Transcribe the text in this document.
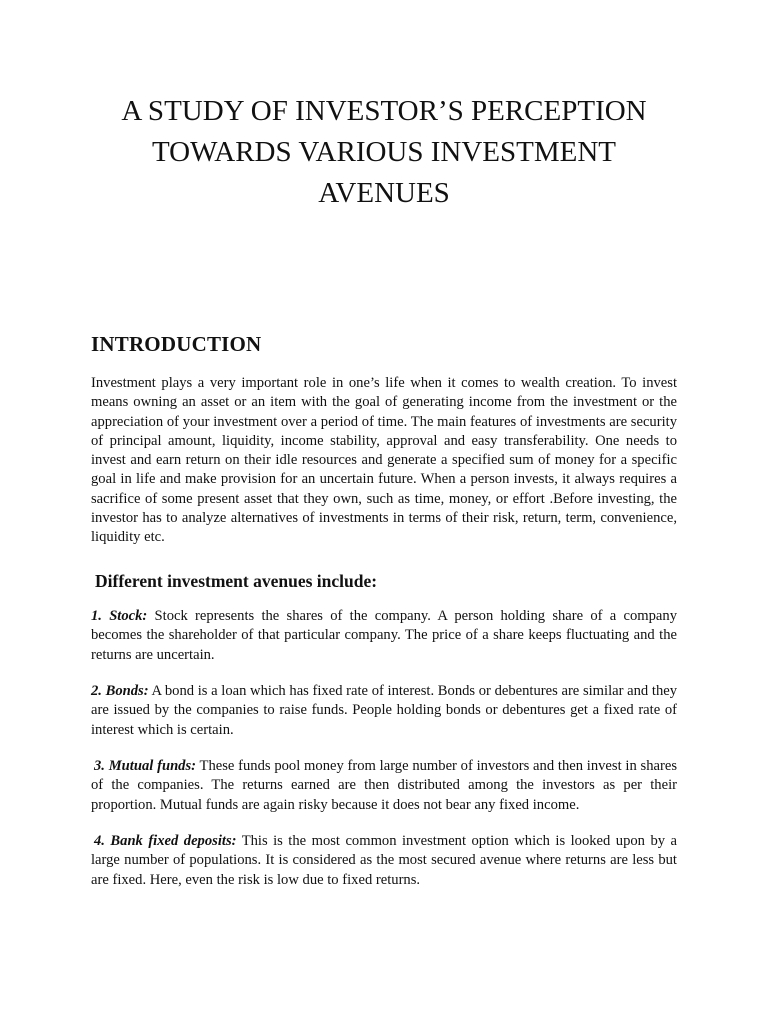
A STUDY OF INVESTOR’S PERCEPTION
TOWARDS VARIOUS INVESTMENT
AVENUES
INTRODUCTION

Investment plays a very important role in one’s life when it comes to wealth creation. To invest means owning an asset or an item with the goal of generating income from the investment or the appreciation of your investment over a period of time. The main features of investments are security of principal amount, liquidity, income stability, approval and easy transferability. One needs to invest and earn return on their idle resources and generate a specified sum of money for a specific goal in life and make provision for an uncertain future. When a person invests, it always requires a sacrifice of some present asset that they own, such as time, money, or effort .Before investing, the investor has to analyze alternatives of investments in terms of their risk, return, term, convenience, liquidity etc.

Different investment avenues include:

1. Stock: Stock represents the shares of the company. A person holding share of a company becomes the shareholder of that particular company. The price of a share keeps fluctuating and the returns are uncertain.

2. Bonds: A bond is a loan which has fixed rate of interest. Bonds or debentures are similar and they are issued by the companies to raise funds. People holding bonds or debentures get a fixed rate of interest which is certain.

3. Mutual funds: These funds pool money from large number of investors and then invest in shares of the companies. The returns earned are then distributed among the investors as per their proportion. Mutual funds are again risky because it does not bear any fixed income.

4. Bank fixed deposits: This is the most common investment option which is looked upon by a large number of populations. It is considered as the most secured avenue where returns are less but are fixed. Here, even the risk is low due to fixed returns.
